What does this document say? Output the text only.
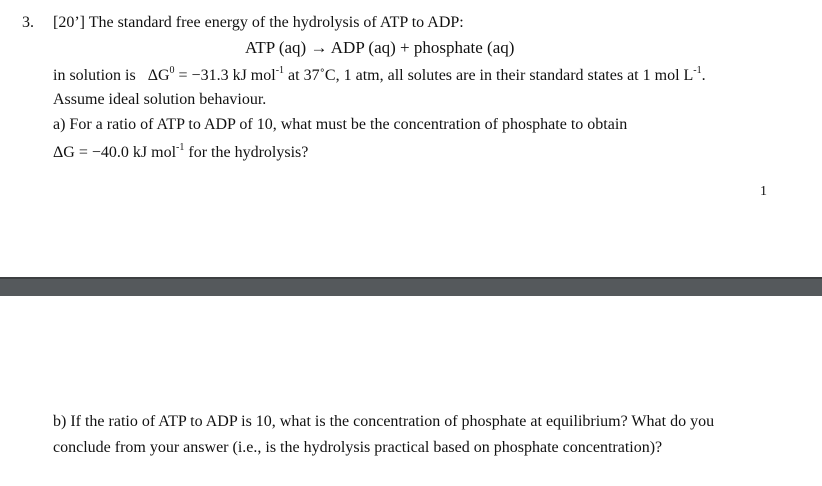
3. [20’] The standard free energy of the hydrolysis of ATP to ADP:
ATP (aq) → ADP (aq) + phosphate (aq)
in solution is $\Delta G^0 = -31.3$ kJ mol$^{-1}$ at 37˚C, 1 atm, all solutes are in their standard states at 1 mol $L^{-1}$.
Assume ideal solution behaviour.
a) For a ratio of ATP to ADP of 10, what must be the concentration of phosphate to obtain
ΔG = −40.0 kJ mol$^{-1}$ for the hydrolysis?
1
b) If the ratio of ATP to ADP is 10, what is the concentration of phosphate at equilibrium? What do you
conclude from your answer (i.e., is the hydrolysis practical based on phosphate concentration)?
